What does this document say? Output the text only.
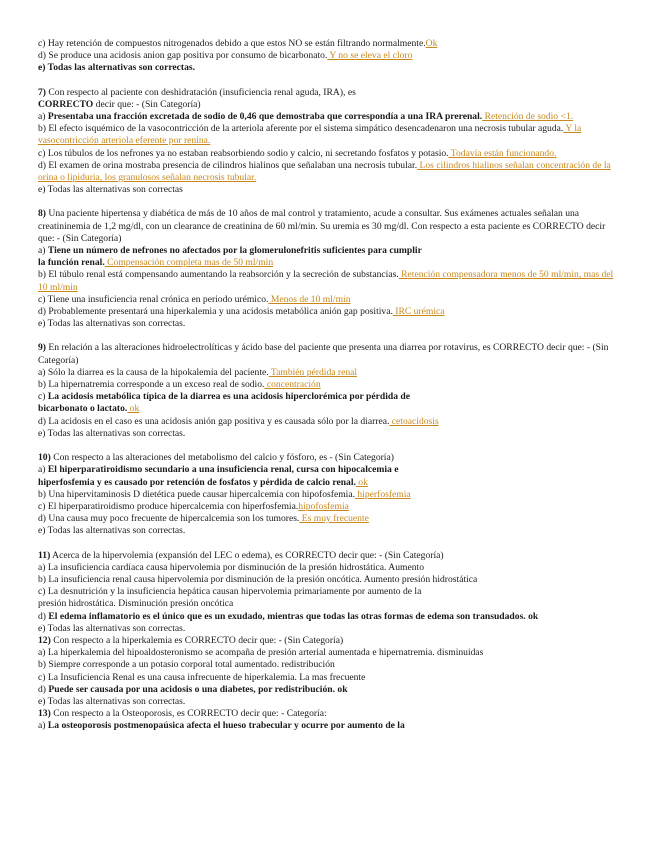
c) Hay retención de compuestos nitrogenados debido a que estos NO se están filtrando normalmente.Ok
d) Se produce una acidosis anion gap positiva por consumo de bicarbonato. Y no se eleva el cloro
e) Todas las alternativas son correctas.
7) Con respecto al paciente con deshidratación (insuficiencia renal aguda, IRA), es
CORRECTO decir que: - (Sin Categoría)
a) Presentaba una fracción excretada de sodio de 0,46 que demostraba que correspondía a una IRA prerenal. Retención de sodio <1.
b) El efecto isquémico de la vasocontricción de la arteriola aferente por el sistema simpático desencadenaron una necrosis tubular aguda. Y la vasocontricción arteriola eferente por renina.
c) Los túbulos de los nefrones ya no estaban reabsorbiendo sodio y calcio, ni secretando fosfatos y potasio. Todavía están funcionando.
d) El examen de orina mostraba presencia de cilindros hialinos que señalaban una necrosis tubular. Los cilindros hialinos señalan concentración de la orina o lipiduria, los granulosos señalan necrosis tubular.
e) Todas las alternativas son correctas
8) Una paciente hipertensa y diabética de más de 10 años de mal control y tratamiento, acude a consultar. Sus exámenes actuales señalan una creatininemia de 1,2 mg/dl, con un clearance de creatinina de 60 ml/min. Su uremia es 30 mg/dl. Con respecto a esta paciente es CORRECTO decir que: - (Sin Categoría)
a) Tiene un número de nefrones no afectados por la glomerulonefritis suficientes para cumplir
la función renal. Compensación completa mas de 50 ml/min
b) El túbulo renal está compensando aumentando la reabsorción y la secreción de substancias. Retención compensadora menos de 50 ml/min, mas del 10 ml/min
c) Tiene una insuficiencia renal crónica en periodo urémico. Menos de 10 ml/min
d) Probablemente presentará una hiperkalemia y una acidosis metabólica anión gap positiva. IRC urémica
e) Todas las alternativas son correctas.
9) En relación a las alteraciones hidroelectrolíticas y ácido base del paciente que presenta una diarrea por rotavirus, es CORRECTO decir que: - (Sin Categoría)
a) Sólo la diarrea es la causa de la hipokalemia del paciente. También pérdida renal
b) La hipernatremia corresponde a un exceso real de sodio. concentración
c) La acidosis metabólica típica de la diarrea es una acidosis hiperclorémica por pérdida de
bicarbonato o lactato. ok
d) La acidosis en el caso es una acidosis anión gap positiva y es causada sólo por la diarrea. cetoacidosis
e) Todas las alternativas son correctas.
10) Con respecto a las alteraciones del metabolismo del calcio y fósforo, es - (Sin Categoría)
a) El hiperparatiroidismo secundario a una insuficiencia renal, cursa con hipocalcemia e
hiperfosfemia y es causado por retención de fosfatos y pérdida de calcio renal. ok
b) Una hipervitaminosis D dietética puede causar hipercalcemia con hipofosfemia. hiperfosfemia
c) El hiperparatiroidismo produce hipercalcemia con hiperfosfemia.hipofosfemia
d) Una causa muy poco frecuente de hipercalcemia son los tumores. Es muy frecuente
e) Todas las alternativas son correctas.
11) Acerca de la hipervolemia (expansión del LEC o edema), es CORRECTO decir que: - (Sin Categoría)
a) La insuficiencia cardíaca causa hipervolemia por disminución de la presión hidrostática. Aumento
b) La insuficiencia renal causa hipervolemia por disminución de la presión oncótica. Aumento presión hidrostática
c) La desnutrición y la insuficiencia hepática causan hipervolemia primariamente por aumento de la
presión hidrostática. Disminución presión oncótica
d) El edema inflamatorio es el único que es un exudado, mientras que todas las otras formas de edema son transudados. ok
e) Todas las alternativas son correctas.
12) Con respecto a la hiperkalemia es CORRECTO decir que: - (Sin Categoría)
a) La hiperkalemia del hipoaldosteronismo se acompaña de presión arterial aumentada e hipernatremia. disminuidas
b) Siempre corresponde a un potasio corporal total aumentado. redistribución
c) La Insuficiencia Renal es una causa infrecuente de hiperkalemia. La mas frecuente
d) Puede ser causada por una acidosis o una diabetes, por redistribución. ok
e) Todas las alternativas son correctas.
13) Con respecto a la Osteoporosis, es CORRECTO decir que: - Categoría:
a) La osteoporosis postmenopaúsica afecta el hueso trabecular y ocurre por aumento de la
